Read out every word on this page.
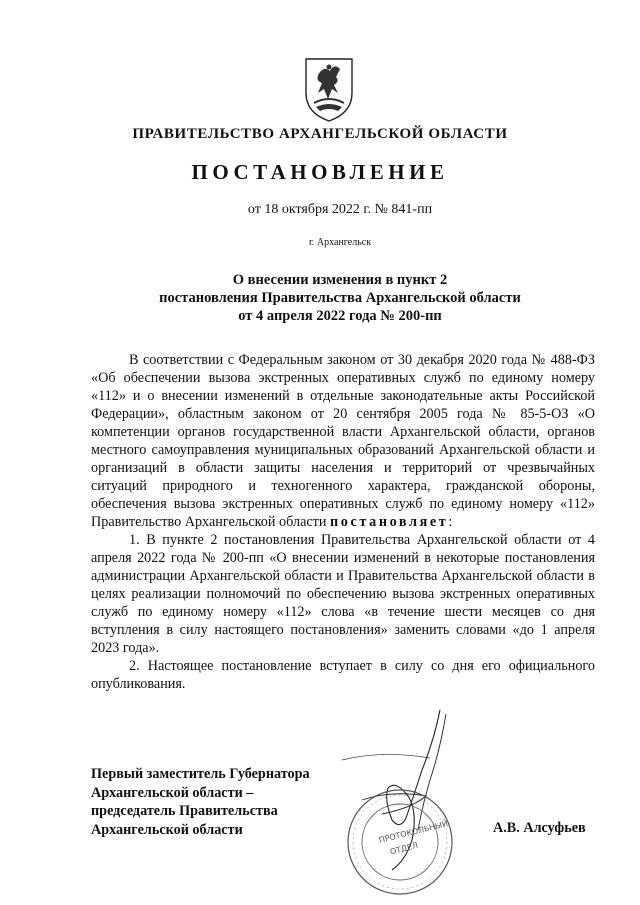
ПРАВИТЕЛЬСТВО АРХАНГЕЛЬСКОЙ ОБЛАСТИ
ПОСТАНОВЛЕНИЕ
от 18 октября 2022 г. № 841-пп
г. Архангельск
О внесении изменения в пункт 2
постановления Правительства Архангельской области
от 4 апреля 2022 года № 200-пп

В соответствии с Федеральным законом от 30 декабря 2020 года № 488-ФЗ «Об обеспечении вызова экстренных оперативных служб по единому номеру «112» и о внесении изменений в отдельные законодательные акты Российской Федерации», областным законом от 20 сентября 2005 года № 85-5-ОЗ «О компетенции органов государственной власти Архангельской области, органов местного самоуправления муниципальных образований Архангельской области и организаций в области защиты населения и территорий от чрезвычайных ситуаций природного и техногенного характера, гражданской обороны, обеспечения вызова экстренных оперативных служб по единому номеру «112» Правительство Архангельской области постановляет:

1. В пункте 2 постановления Правительства Архангельской области от 4 апреля 2022 года № 200-пп «О внесении изменений в некоторые постановления администрации Архангельской области и Правительства Архангельской области в целях реализации полномочий по обеспечению вызова экстренных оперативных служб по единому номеру «112» слова «в течение шести месяцев со дня вступления в силу настоящего постановления» заменить словами «до 1 апреля 2023 года».

2. Настоящее постановление вступает в силу со дня его официального опубликования.

Первый заместитель Губернатора
Архангельской области –
председатель Правительства
Архангельской области	А.В. Алсуфьев
ПРОТОКОЛЬНЫЙ
ОТДЕЛ
